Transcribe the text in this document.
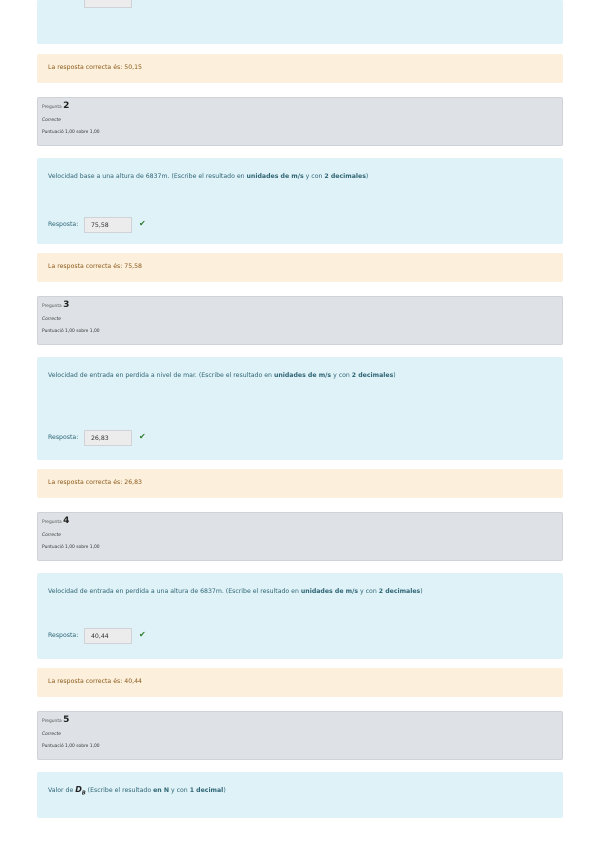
La resposta correcta és: 50,15
Pregunta 2
Correcte
Puntuació 1,00 sobre 1,00
Velocidad base a una altura de 6837m. (Escribe el resultado en unidades de m/s y con 2 decimales)
Resposta:	75,58	✔
La resposta correcta és: 75,58
Pregunta 3
Correcte
Puntuació 1,00 sobre 1,00
Velocidad de entrada en perdida a nivel de mar. (Escribe el resultado en unidades de m/s y con 2 decimales)
Resposta:	26,83	✔
La resposta correcta és: 26,83
Pregunta 4
Correcte
Puntuació 1,00 sobre 1,00
Velocidad de entrada en perdida a una altura de 6837m. (Escribe el resultado en unidades de m/s y con 2 decimales)
Resposta:	40,44	✔
La resposta correcta és: 40,44
Pregunta 5
Correcte
Puntuació 1,00 sobre 1,00
Valor de $D_B$ (Escribe el resultado en N y con 1 decimal)
